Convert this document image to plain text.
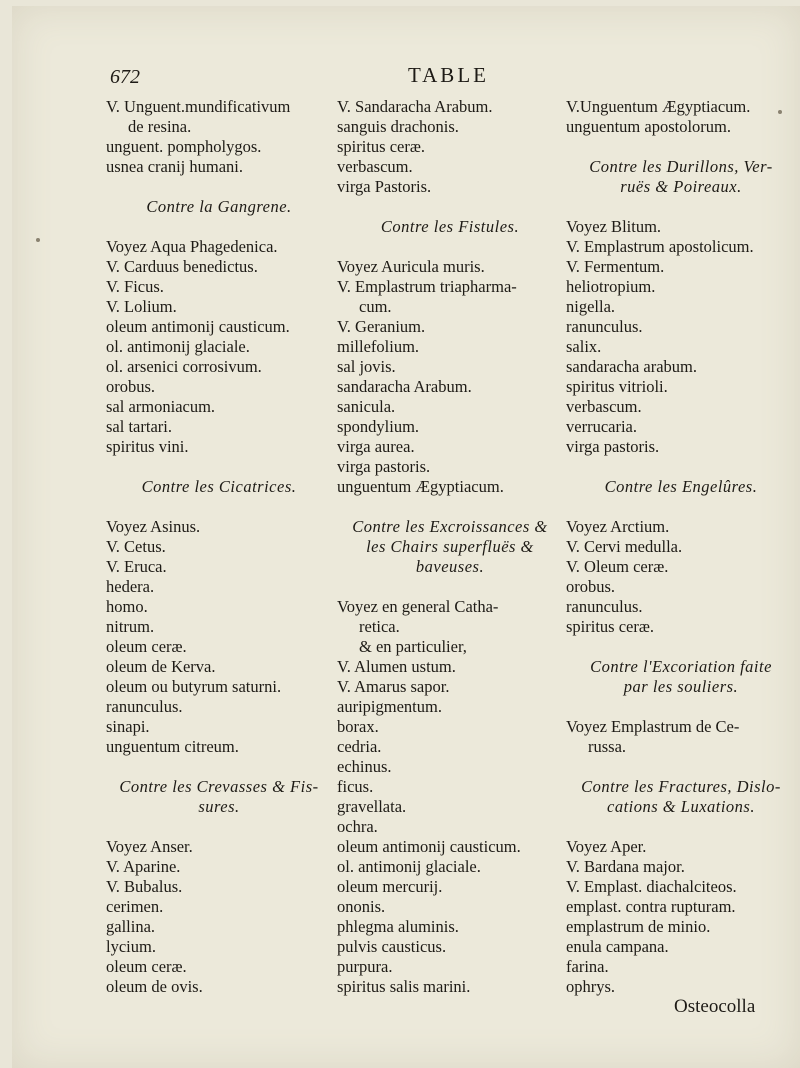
672	TABLE
V. Unguent.mundificativum
de resina.
unguent. pompholygos.
usnea cranij humani.
Contre la Gangrene.
Voyez Aqua Phagedenica.
V. Carduus benedictus.
V. Ficus.
V. Lolium.
oleum antimonij causticum.
ol. antimonij glaciale.
ol. arsenici corrosivum.
orobus.
sal armoniacum.
sal tartari.
spiritus vini.
Contre les Cicatrices.
Voyez Asinus.
V. Cetus.
V. Eruca.
hedera.
homo.
nitrum.
oleum ceræ.
oleum de Kerva.
oleum ou butyrum saturni.
ranunculus.
sinapi.
unguentum citreum.
Contre les Crevasses & Fis-
sures.
Voyez Anser.
V. Aparine.
V. Bubalus.
cerimen.
gallina.
lycium.
oleum ceræ.
oleum de ovis.
V. Sandaracha Arabum.
sanguis drachonis.
spiritus ceræ.
verbascum.
virga Pastoris.
Contre les Fistules.
Voyez Auricula muris.
V. Emplastrum triapharma-
cum.
V. Geranium.
millefolium.
sal jovis.
sandaracha Arabum.
sanicula.
spondylium.
virga aurea.
virga pastoris.
unguentum Ægyptiacum.
Contre les Excroissances &
les Chairs superfluës &
baveuses.
Voyez en general Catha-
retica.
& en particulier,
V. Alumen ustum.
V. Amarus sapor.
auripigmentum.
borax.
cedria.
echinus.
ficus.
gravellata.
ochra.
oleum antimonij causticum.
ol. antimonij glaciale.
oleum mercurij.
ononis.
phlegma aluminis.
pulvis causticus.
purpura.
spiritus salis marini.
V.Unguentum Ægyptiacum.
unguentum apostolorum.
Contre les Durillons, Ver-
ruës & Poireaux.
Voyez Blitum.
V. Emplastrum apostolicum.
V. Fermentum.
heliotropium.
nigella.
ranunculus.
salix.
sandaracha arabum.
spiritus vitrioli.
verbascum.
verrucaria.
virga pastoris.
Contre les Engelûres.
Voyez Arctium.
V. Cervi medulla.
V. Oleum ceræ.
orobus.
ranunculus.
spiritus ceræ.
Contre l'Excoriation faite
par les souliers.
Voyez Emplastrum de Ce-
russa.
Contre les Fractures, Dislo-
cations & Luxations.
Voyez Aper.
V. Bardana major.
V. Emplast. diachalciteos.
emplast. contra rupturam.
emplastrum de minio.
enula campana.
farina.
ophrys.
Osteocolla
